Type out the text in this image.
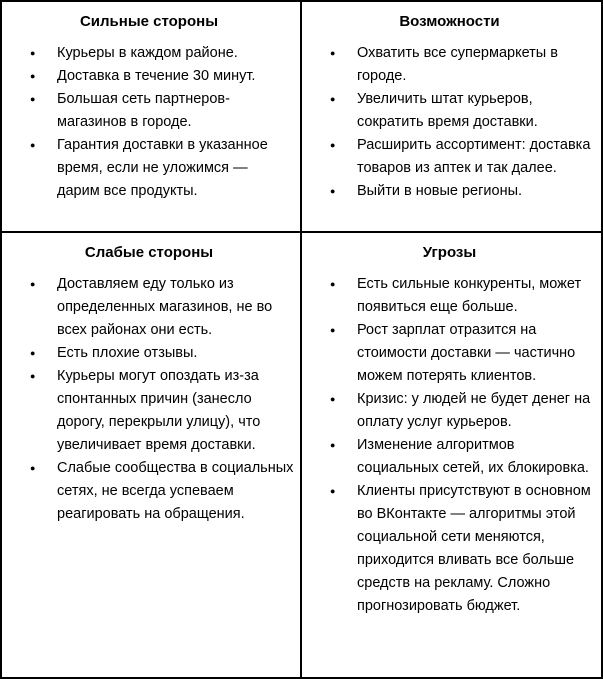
Сильные стороны
● Курьеры в каждом районе.
● Доставка в течение 30 минут.
● Большая сеть партнеров-магазинов в городе.
● Гарантия доставки в указанное время, если не уложимся — дарим все продукты.
Возможности
● Охватить все супермаркеты в городе.
● Увеличить штат курьеров, сократить время доставки.
● Расширить ассортимент: доставка товаров из аптек и так далее.
● Выйти в новые регионы.
Слабые стороны
● Доставляем еду только из определенных магазинов, не во всех районах они есть.
● Есть плохие отзывы.
● Курьеры могут опоздать из-за спонтанных причин (занесло дорогу, перекрыли улицу), что увеличивает время доставки.
● Слабые сообщества в социальных сетях, не всегда успеваем реагировать на обращения.
Угрозы
● Есть сильные конкуренты, может появиться еще больше.
● Рост зарплат отразится на стоимости доставки — частично можем потерять клиентов.
● Кризис: у людей не будет денег на оплату услуг курьеров.
● Изменение алгоритмов социальных сетей, их блокировка.
● Клиенты присутствуют в основном во ВКонтакте — алгоритмы этой социальной сети меняются, приходится вливать все больше средств на рекламу. Сложно прогнозировать бюджет.
